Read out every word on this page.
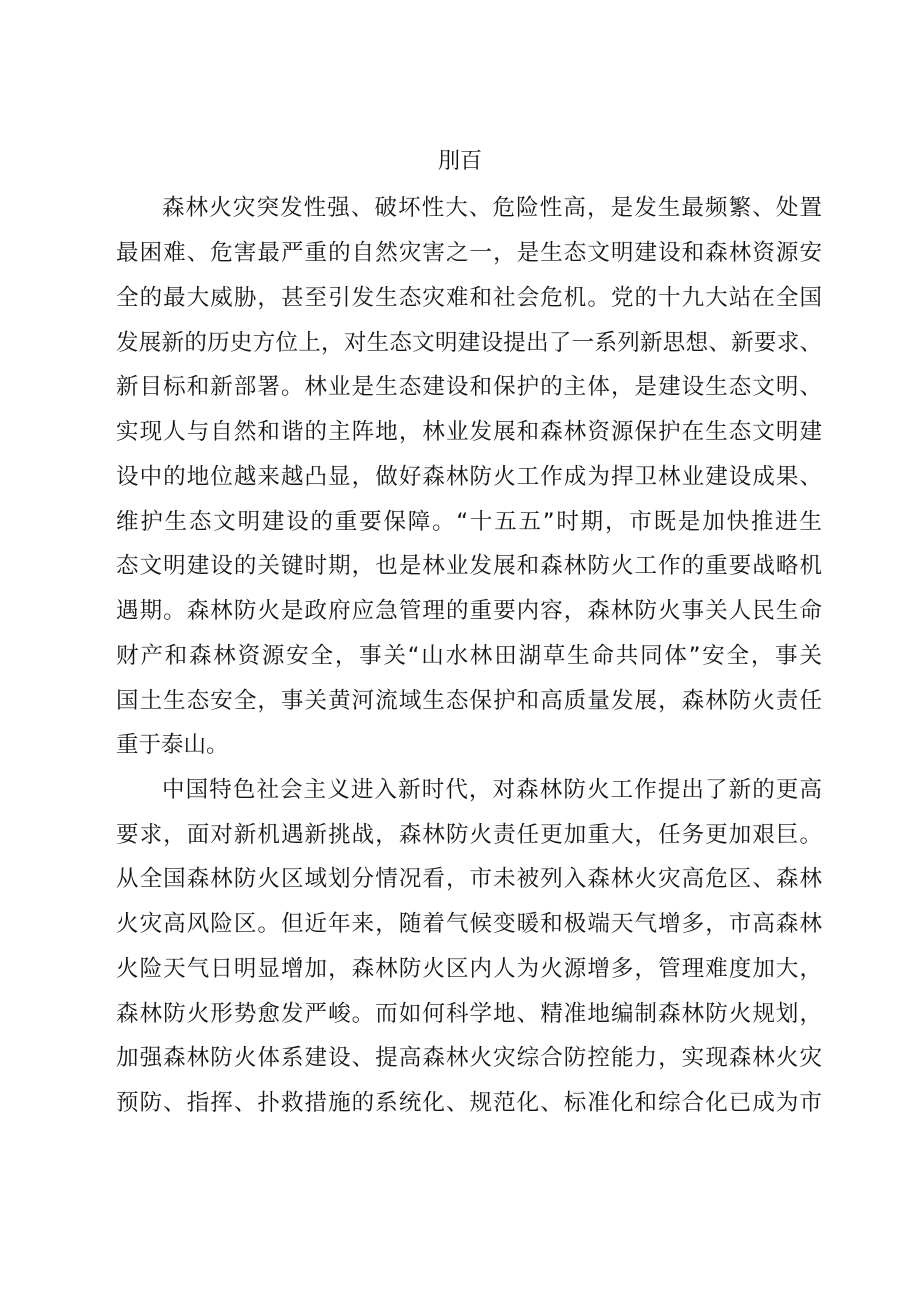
刖百
森林火灾突发性强、破坏性大、危险性高，是发生最频繁、处置
最困难、危害最严重的自然灾害之一，是生态文明建设和森林资源安
全的最大威胁，甚至引发生态灾难和社会危机。党的十九大站在全国
发展新的历史方位上，对生态文明建设提出了一系列新思想、新要求、
新目标和新部署。林业是生态建设和保护的主体，是建设生态文明、
实现人与自然和谐的主阵地，林业发展和森林资源保护在生态文明建
设中的地位越来越凸显，做好森林防火工作成为捍卫林业建设成果、
维护生态文明建设的重要保障。“十五五”时期，市既是加快推进生
态文明建设的关键时期，也是林业发展和森林防火工作的重要战略机
遇期。森林防火是政府应急管理的重要内容，森林防火事关人民生命
财产和森林资源安全，事关“山水林田湖草生命共同体”安全，事关
国土生态安全，事关黄河流域生态保护和高质量发展，森林防火责任
重于泰山。
中国特色社会主义进入新时代，对森林防火工作提出了新的更高
要求，面对新机遇新挑战，森林防火责任更加重大，任务更加艰巨。
从全国森林防火区域划分情况看，市未被列入森林火灾高危区、森林
火灾高风险区。但近年来，随着气候变暖和极端天气增多，市高森林
火险天气日明显增加，森林防火区内人为火源增多，管理难度加大，
森林防火形势愈发严峻。而如何科学地、精准地编制森林防火规划，
加强森林防火体系建设、提高森林火灾综合防控能力，实现森林火灾
预防、指挥、扑救措施的系统化、规范化、标准化和综合化已成为市
